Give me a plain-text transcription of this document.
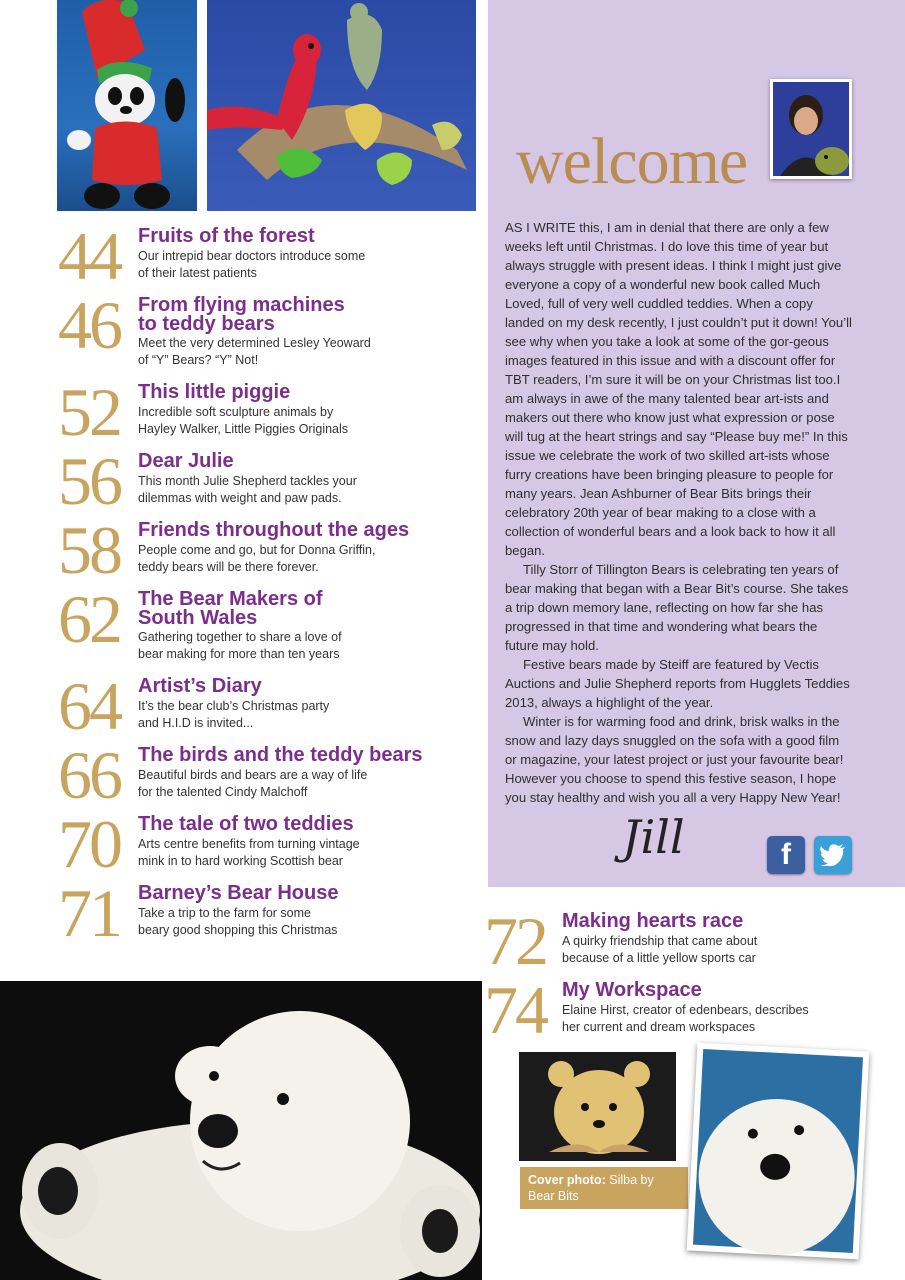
welcome

AS I WRITE this, I am in denial that there are only a few weeks left until Christmas. I do love this time of year but always struggle with present ideas. I think I might just give everyone a copy of a wonderful new book called Much Loved, full of very well cuddled teddies. When a copy landed on my desk recently, I just couldn’t put it down! You’ll see why when you take a look at some of the gor-geous images featured in this issue and with a discount offer for TBT readers, I’m sure it will be on your Christmas list too.I am always in awe of the many talented bear art-ists and makers out there who know just what expression or pose will tug at the heart strings and say “Please buy me!” In this issue we celebrate the work of two skilled art-ists whose furry creations have been bringing pleasure to people for many years. Jean Ashburner of Bear Bits brings their celebratory 20th year of bear making to a close with a collection of wonderful bears and a look back to how it all began.

Tilly Storr of Tillington Bears is celebrating ten years of bear making that began with a Bear Bit’s course. She takes a trip down memory lane, reflecting on how far she has progressed in that time and wondering what bears the future may hold.

Festive bears made by Steiff are featured by Vectis Auctions and Julie Shepherd reports from Hugglets Teddies 2013, always a highlight of the year.

Winter is for warming food and drink, brisk walks in the snow and lazy days snuggled on the sofa with a good film or magazine, your latest project or just your favourite bear! However you choose to spend this festive season, I hope you stay healthy and wish you all a very Happy New Year!

Jill	f
44 Fruits of the forest
Our intrepid bear doctors introduce some
of their latest patients
46 From flying machines
to teddy bears
Meet the very determined Lesley Yeoward
of “Y” Bears? “Y” Not!
52 This little piggie
Incredible soft sculpture animals by
Hayley Walker, Little Piggies Originals
56 Dear Julie
This month Julie Shepherd tackles your
dilemmas with weight and paw pads.
58 Friends throughout the ages
People come and go, but for Donna Griffin,
teddy bears will be there forever.
62 The Bear Makers of
South Wales
Gathering together to share a love of
bear making for more than ten years
64 Artist’s Diary
It’s the bear club’s Christmas party
and H.I.D is invited...
66 The birds and the teddy bears
Beautiful birds and bears are a way of life
for the talented Cindy Malchoff
70 The tale of two teddies
Arts centre benefits from turning vintage
mink in to hard working Scottish bear
71 Barney’s Bear House
Take a trip to the farm for some
beary good shopping this Christmas 72 Making hearts race
A quirky friendship that came about
because of a little yellow sports car
74 My Workspace
Elaine Hirst, creator of edenbears, describes
her current and dream workspaces
Cover photo: Silba by
Bear Bits
